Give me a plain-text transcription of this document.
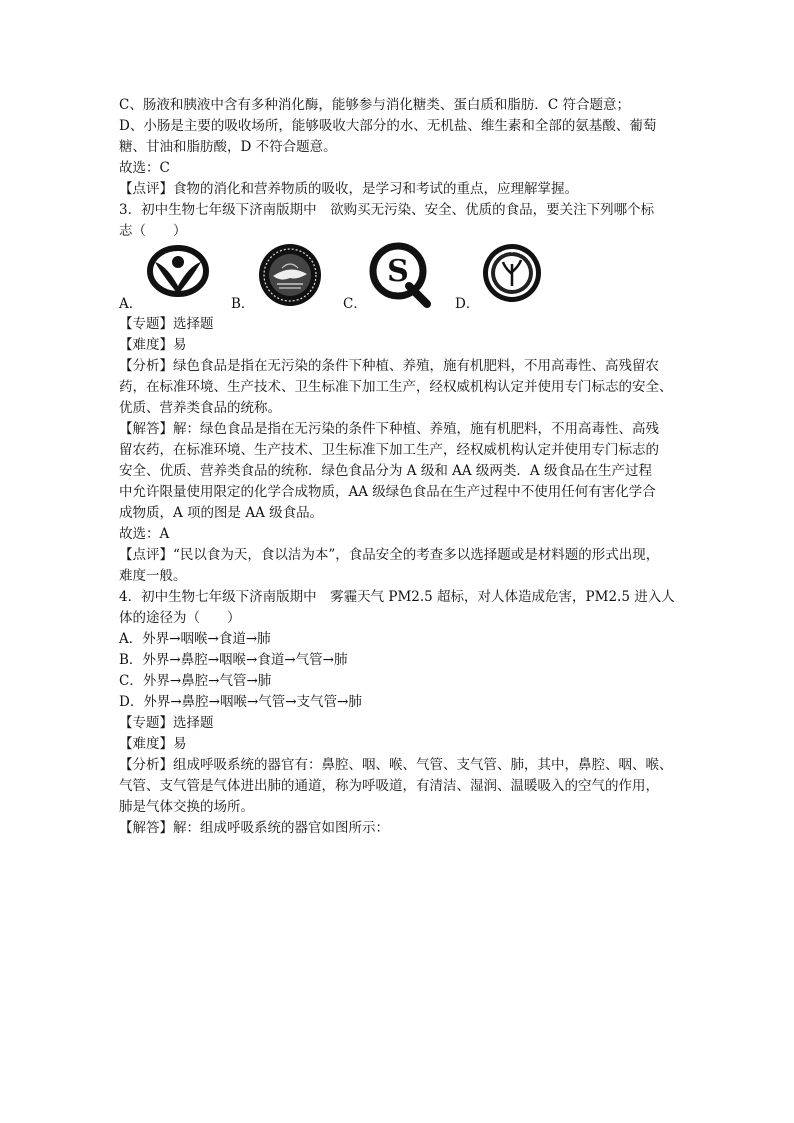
C、肠液和胰液中含有多种消化酶，能够参与消化糖类、蛋白质和脂肪．C 符合题意；
D、小肠是主要的吸收场所，能够吸收大部分的水、无机盐、维生素和全部的氨基酸、葡萄
糖、甘油和脂肪酸，D 不符合题意。
故选：C
【点评】食物的消化和营养物质的吸收，是学习和考试的重点，应理解掌握。
3．初中生物七年级下济南版期中　欲购买无污染、安全、优质的食品，要关注下列哪个标
志（　　）
A．	B．	C．
S
D．
【专题】选择题
【难度】易
【分析】绿色食品是指在无污染的条件下种植、养殖，施有机肥料，不用高毒性、高残留农
药，在标准环境、生产技术、卫生标准下加工生产，经权威机构认定并使用专门标志的安全、
优质、营养类食品的统称。
【解答】解：绿色食品是指在无污染的条件下种植、养殖，施有机肥料，不用高毒性、高残
留农药，在标准环境、生产技术、卫生标准下加工生产，经权威机构认定并使用专门标志的
安全、优质、营养类食品的统称．绿色食品分为 A 级和 AA 级两类．A 级食品在生产过程
中允许限量使用限定的化学合成物质，AA 级绿色食品在生产过程中不使用任何有害化学合
成物质，A 项的图是 AA 级食品。
故选：A
【点评】“民以食为天，食以洁为本”，食品安全的考查多以选择题或是材料题的形式出现，
难度一般。
4．初中生物七年级下济南版期中　雾霾天气 PM2.5 超标，对人体造成危害，PM2.5 进入人
体的途径为（　　）
A．外界→咽喉→食道→肺
B．外界→鼻腔→咽喉→食道→气管→肺
C．外界→鼻腔→气管→肺
D．外界→鼻腔→咽喉→气管→支气管→肺
【专题】选择题
【难度】易
【分析】组成呼吸系统的器官有：鼻腔、咽、喉、气管、支气管、肺，其中，鼻腔、咽、喉、
气管、支气管是气体进出肺的通道，称为呼吸道，有清洁、湿润、温暖吸入的空气的作用，
肺是气体交换的场所。
【解答】解：组成呼吸系统的器官如图所示：
